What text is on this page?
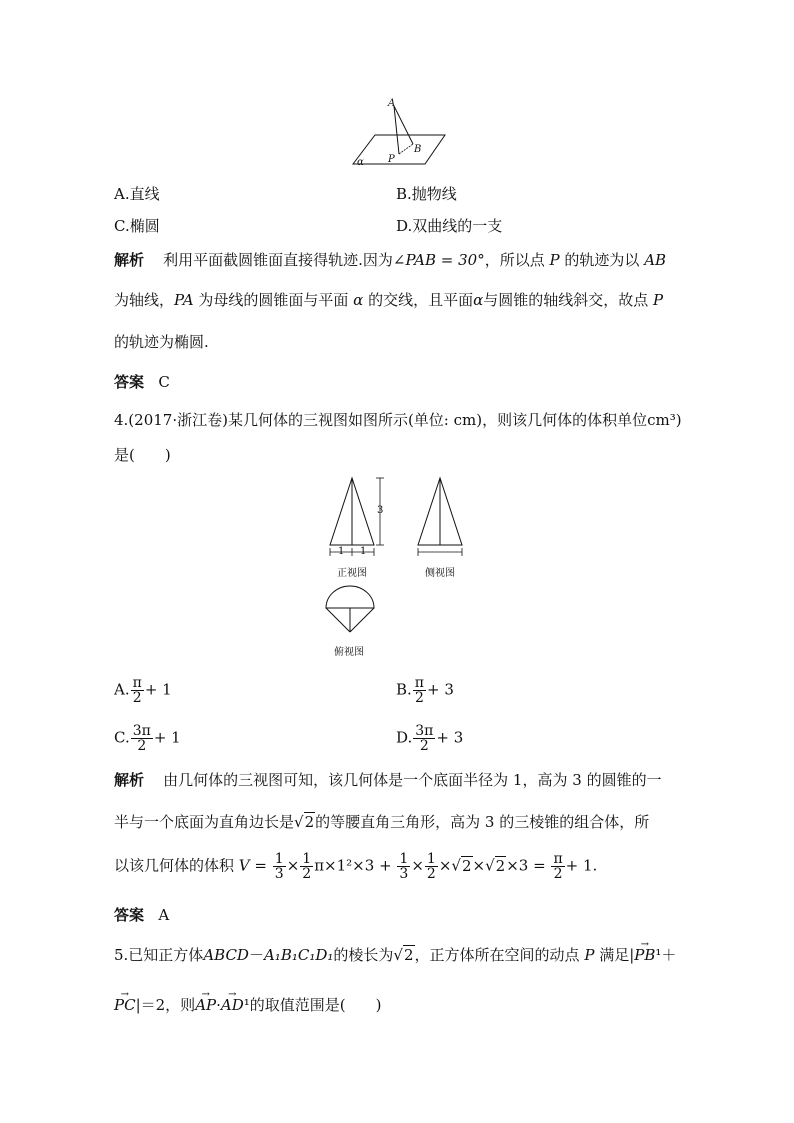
A
B
P
α
A.直线	B.抛物线
C.椭圆	D.双曲线的一支
解析 利用平面截圆锥面直接得轨迹.因为∠PAB = 30°，所以点 P 的轨迹为以 AB
为轴线，PA 为母线的圆锥面与平面 α 的交线，且平面α与圆锥的轴线斜交，故点 P
的轨迹为椭圆.
答案 C
4.(2017·浙江卷)某几何体的三视图如图所示(单位: cm)，则该几何体的体积单位cm³)
是(　　)
3
1 1
正视图	侧视图
俯视图
A. $\frac{\pi}{2} + 1$	B. $\frac{\pi}{2} + 3$
C. $\frac{3\pi}{2} + 1$	D. $\frac{3\pi}{2} + 3$
解析 由几何体的三视图可知，该几何体是一个底面半径为 1，高为 3 的圆锥的一
半与一个底面为直角边长是√2的等腰直角三角形，高为 3 的三棱锥的组合体，所
以该几何体的体积 $V = \frac{1}{3} \times \frac{1}{2} \pi\times 1^2\times 3 + \frac{1}{3} \times \frac{1}{2} \times√2\times√2\times 3 = \frac{\pi}{2} + 1$.
答案 A
5.已知正方体ABCD－A₁B₁C₁D₁的棱长为√2，正方体所在空间的动点 P 满足|→ PB¹＋
→ PC|＝2，则→ AP·→ AD¹的取值范围是(　　)
